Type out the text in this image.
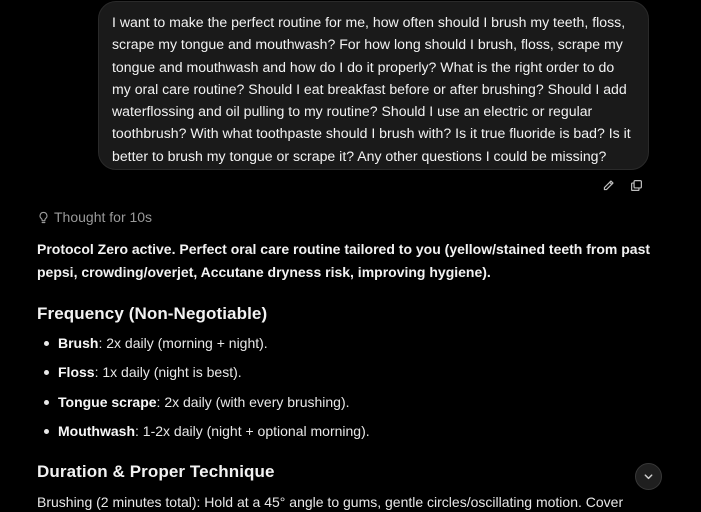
I want to make the perfect routine for me, how often should I brush my teeth, floss, scrape my tongue and mouthwash? For how long should I brush, floss, scrape my tongue and mouthwash and how do I do it properly? What is the right order to do my oral care routine? Should I eat breakfast before or after brushing? Should I add waterflossing and oil pulling to my routine? Should I use an electric or regular toothbrush? With what toothpaste should I brush with? Is it true fluoride is bad? Is it better to brush my tongue or scrape it? Any other questions I could be missing?
Thought for 10s

Protocol Zero active. Perfect oral care routine tailored to you (yellow/stained teeth from past pepsi, crowding/overjet, Accutane dryness risk, improving hygiene).

Frequency (Non-Negotiable)
Brush: 2x daily (morning + night).
Floss: 1x daily (night is best).
Tongue scrape: 2x daily (with every brushing).
Mouthwash: 1-2x daily (night + optional morning).
Duration & Proper Technique
Brushing (2 minutes total): Hold at a 45° angle to gums, gentle circles/oscillating motion. Cover
